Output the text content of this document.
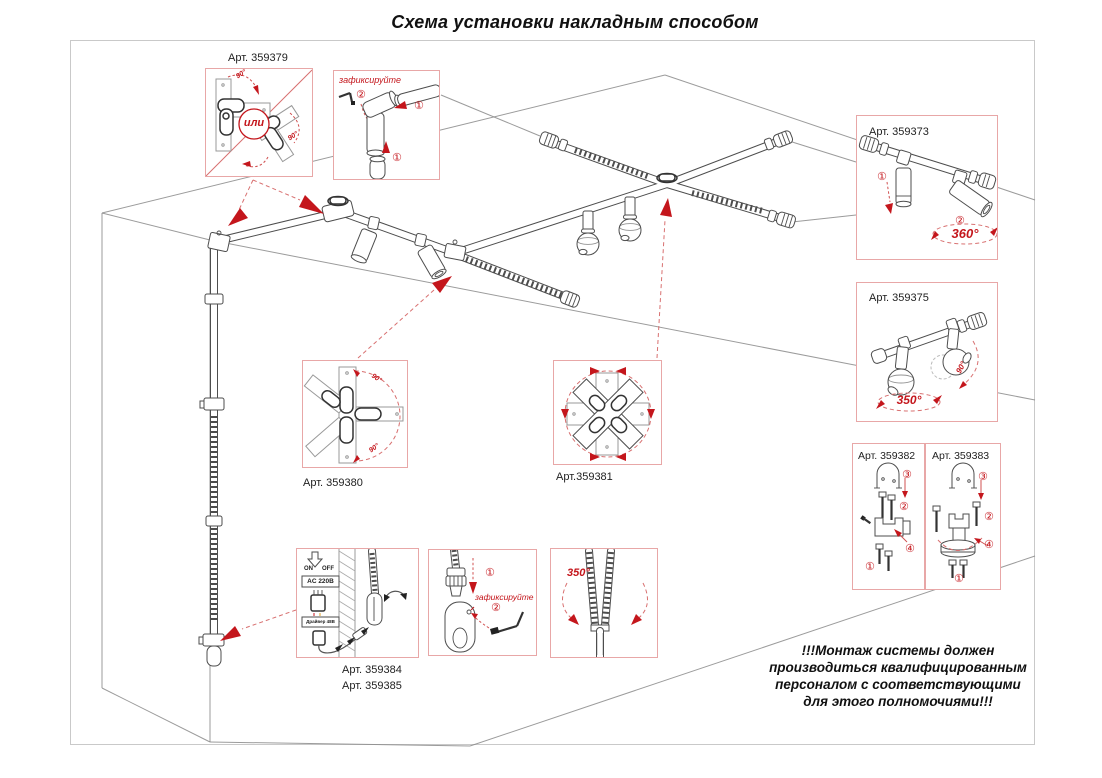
Схема установки накладным способом
Арт. 359379
или
90°
90°
зафиксируйте
②
①
①
Арт. 359373
①
②
360°
Арт. 359375
350°
90°
Арт. 359382
③
②
④
①
Арт. 359383
③
②
④
①
90°
90°
Арт. 359380	Арт.359381
ON OFF
AC 220В
Драйвер 48В
Арт. 359384
Арт. 359385
①
зафиксируйте
②
350°
!!!Монтаж системы должен
производиться квалифицированным
персоналом с соответствующими
для этого полномочиями!!!
